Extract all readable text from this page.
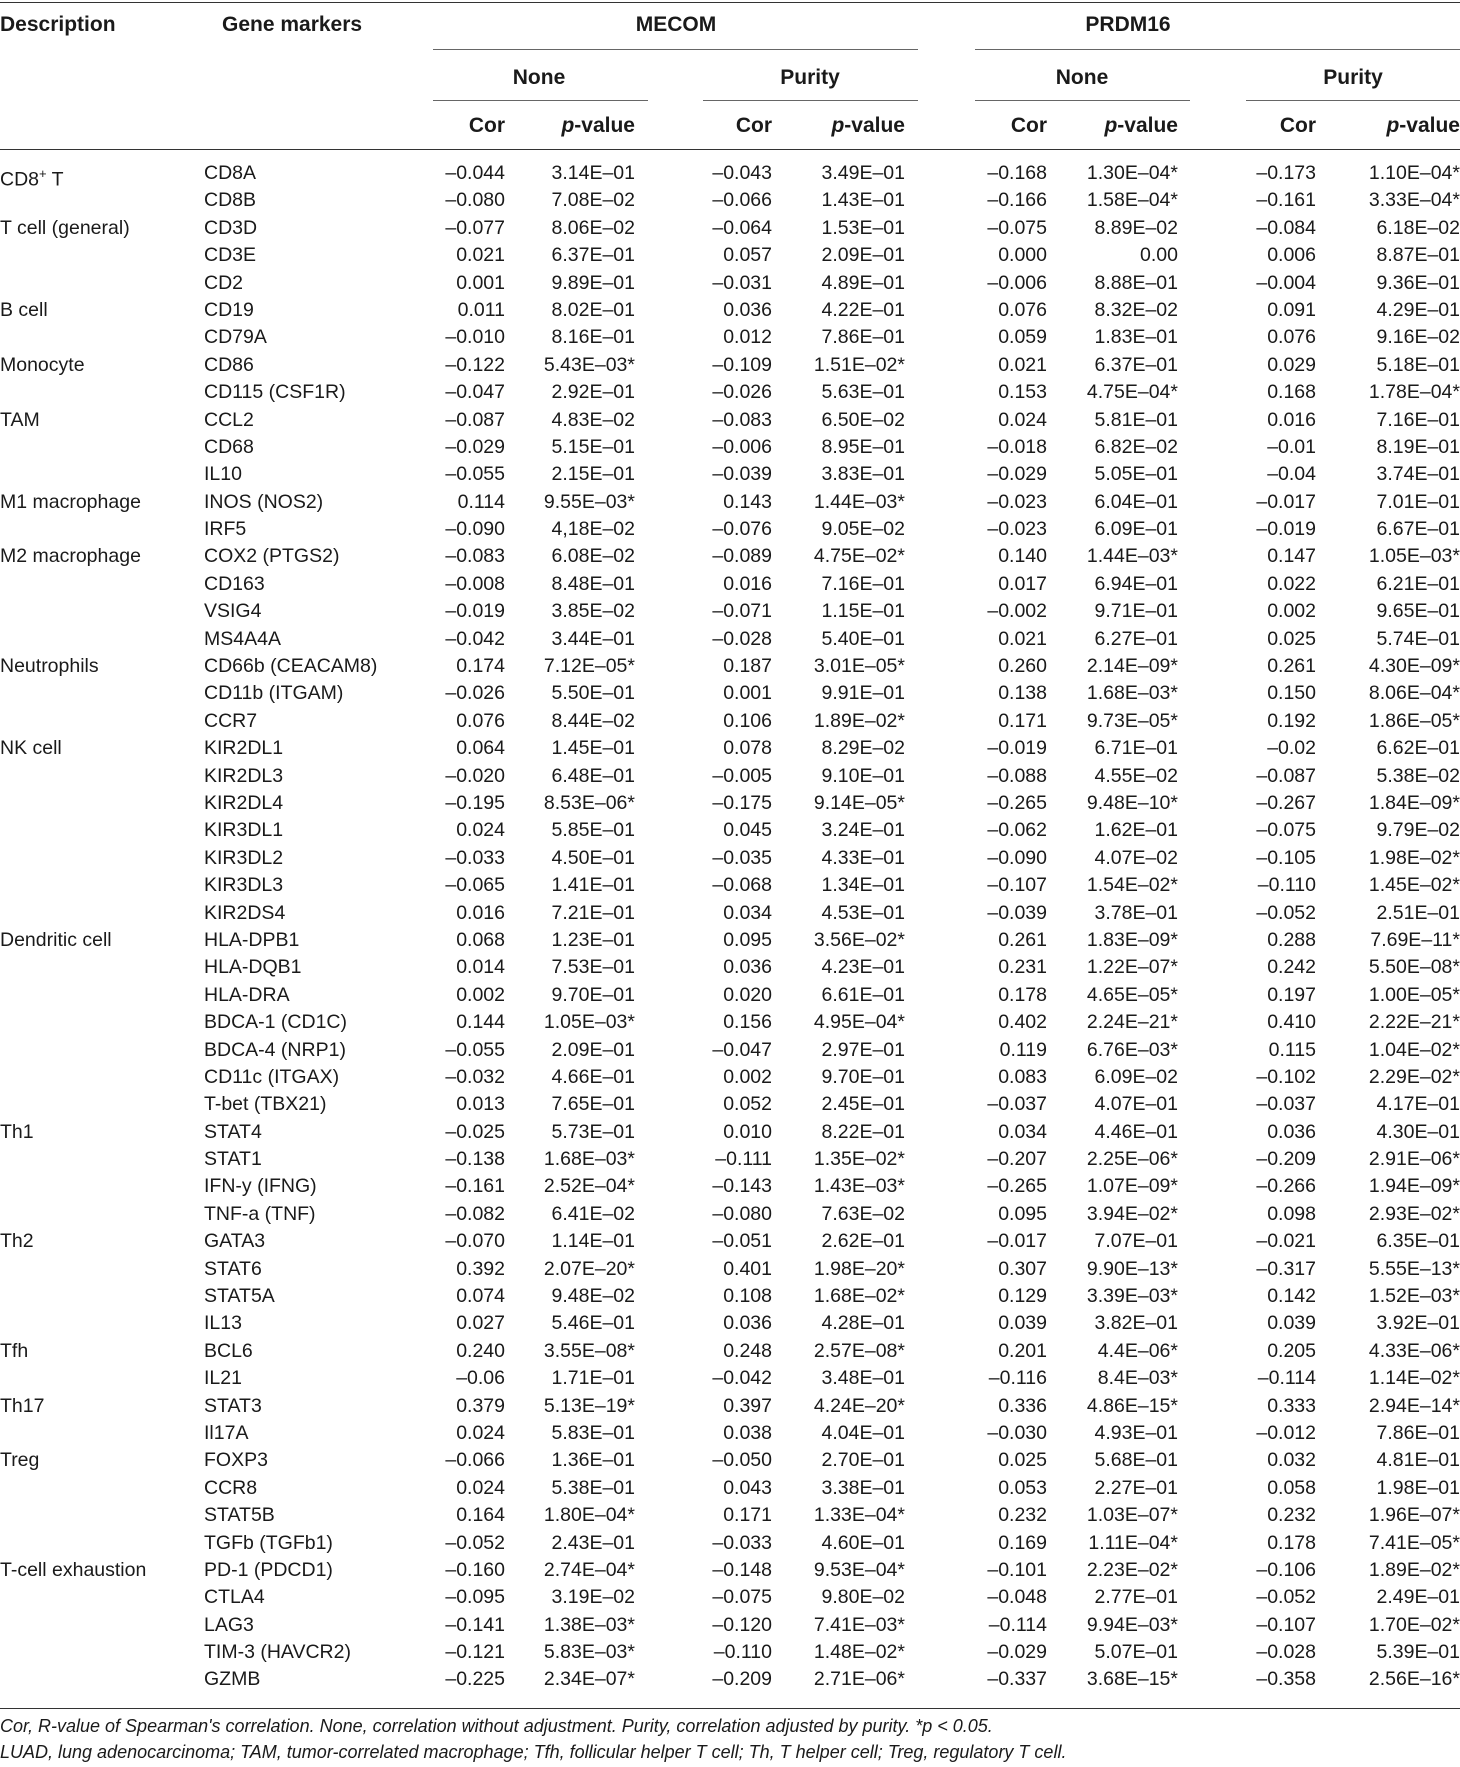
Description	Gene markers	MECOM	PRDM16
None	Purity	None	Purity
Cor	p-value	Cor	p-value	Cor	p-value	Cor	p-value
CD8+ T	CD8A	–0.044 3.14E–01	–0.043	3.49E–01	–0.168 1.30E–04*	–0.173	1.10E–04*
CD8B	–0.080 7.08E–02	–0.066	1.43E–01	–0.166 1.58E–04*	–0.161	3.33E–04*
T cell (general)	CD3D	–0.077 8.06E–02	–0.064	1.53E–01	–0.075 8.89E–02	–0.084	6.18E–02
CD3E	0.021 6.37E–01	0.057	2.09E–01	0.000	0.00	0.006	8.87E–01
CD2	0.001 9.89E–01	–0.031	4.89E–01	–0.006 8.88E–01	–0.004	9.36E–01
B cell	CD19	0.011 8.02E–01	0.036	4.22E–01	0.076 8.32E–02	0.091	4.29E–01
CD79A	–0.010 8.16E–01	0.012	7.86E–01	0.059 1.83E–01	0.076	9.16E–02
Monocyte	CD86	–0.122 5.43E–03*	–0.109 1.51E–02*	0.021 6.37E–01	0.029	5.18E–01
CD115 (CSF1R)	–0.047 2.92E–01	–0.026	5.63E–01	0.153 4.75E–04*	0.168	1.78E–04*
TAM	CCL2	–0.087 4.83E–02	–0.083	6.50E–02	0.024 5.81E–01	0.016	7.16E–01
CD68	–0.029 5.15E–01	–0.006	8.95E–01	–0.018 6.82E–02	–0.01	8.19E–01
IL10	–0.055 2.15E–01	–0.039	3.83E–01	–0.029 5.05E–01	–0.04	3.74E–01
M1 macrophage	INOS (NOS2)	0.114 9.55E–03*	0.143 1.44E–03*	–0.023 6.04E–01	–0.017	7.01E–01
IRF5	–0.090 4,18E–02	–0.076	9.05E–02	–0.023 6.09E–01	–0.019	6.67E–01
M2 macrophage	COX2 (PTGS2)	–0.083 6.08E–02	–0.089 4.75E–02*	0.140 1.44E–03*	0.147	1.05E–03*
CD163	–0.008 8.48E–01	0.016	7.16E–01	0.017 6.94E–01	0.022	6.21E–01
VSIG4	–0.019 3.85E–02	–0.071	1.15E–01	–0.002 9.71E–01	0.002	9.65E–01
MS4A4A	–0.042 3.44E–01	–0.028	5.40E–01	0.021 6.27E–01	0.025	5.74E–01
Neutrophils	CD66b (CEACAM8)	0.174 7.12E–05*	0.187 3.01E–05*	0.260 2.14E–09*	0.261	4.30E–09*
CD11b (ITGAM)	–0.026 5.50E–01	0.001	9.91E–01	0.138 1.68E–03*	0.150	8.06E–04*
CCR7	0.076 8.44E–02	0.106 1.89E–02*	0.171 9.73E–05*	0.192	1.86E–05*
NK cell	KIR2DL1	0.064 1.45E–01	0.078	8.29E–02	–0.019 6.71E–01	–0.02	6.62E–01
KIR2DL3	–0.020 6.48E–01	–0.005	9.10E–01	–0.088 4.55E–02	–0.087	5.38E–02
KIR2DL4	–0.195 8.53E–06*	–0.175 9.14E–05*	–0.265 9.48E–10*	–0.267	1.84E–09*
KIR3DL1	0.024 5.85E–01	0.045	3.24E–01	–0.062 1.62E–01	–0.075	9.79E–02
KIR3DL2	–0.033 4.50E–01	–0.035	4.33E–01	–0.090 4.07E–02	–0.105	1.98E–02*
KIR3DL3	–0.065 1.41E–01	–0.068	1.34E–01	–0.107 1.54E–02*	–0.110	1.45E–02*
KIR2DS4	0.016 7.21E–01	0.034	4.53E–01	–0.039 3.78E–01	–0.052	2.51E–01
Dendritic cell	HLA-DPB1	0.068 1.23E–01	0.095 3.56E–02*	0.261 1.83E–09*	0.288	7.69E–11*
HLA-DQB1	0.014 7.53E–01	0.036	4.23E–01	0.231 1.22E–07*	0.242	5.50E–08*
HLA-DRA	0.002 9.70E–01	0.020	6.61E–01	0.178 4.65E–05*	0.197	1.00E–05*
BDCA-1 (CD1C)	0.144 1.05E–03*	0.156 4.95E–04*	0.402 2.24E–21*	0.410	2.22E–21*
BDCA-4 (NRP1)	–0.055 2.09E–01	–0.047	2.97E–01	0.119 6.76E–03*	0.115	1.04E–02*
CD11c (ITGAX)	–0.032 4.66E–01	0.002	9.70E–01	0.083 6.09E–02	–0.102	2.29E–02*
T-bet (TBX21)	0.013 7.65E–01	0.052	2.45E–01	–0.037 4.07E–01	–0.037	4.17E–01
Th1	STAT4	–0.025 5.73E–01	0.010	8.22E–01	0.034 4.46E–01	0.036	4.30E–01
STAT1	–0.138 1.68E–03*	–0.111 1.35E–02*	–0.207 2.25E–06*	–0.209	2.91E–06*
IFN-y (IFNG)	–0.161 2.52E–04*	–0.143 1.43E–03*	–0.265 1.07E–09*	–0.266	1.94E–09*
TNF-a (TNF)	–0.082 6.41E–02	–0.080	7.63E–02	0.095 3.94E–02*	0.098	2.93E–02*
Th2	GATA3	–0.070 1.14E–01	–0.051	2.62E–01	–0.017 7.07E–01	–0.021	6.35E–01
STAT6	0.392 2.07E–20*	0.401 1.98E–20*	0.307 9.90E–13*	–0.317	5.55E–13*
STAT5A	0.074 9.48E–02	0.108 1.68E–02*	0.129 3.39E–03*	0.142	1.52E–03*
IL13	0.027 5.46E–01	0.036	4.28E–01	0.039 3.82E–01	0.039	3.92E–01
Tfh	BCL6	0.240 3.55E–08*	0.248 2.57E–08*	0.201	4.4E–06*	0.205	4.33E–06*
IL21	–0.06 1.71E–01	–0.042	3.48E–01	–0.116	8.4E–03*	–0.114	1.14E–02*
Th17	STAT3	0.379 5.13E–19*	0.397 4.24E–20*	0.336 4.86E–15*	0.333	2.94E–14*
Il17A	0.024 5.83E–01	0.038	4.04E–01	–0.030 4.93E–01	–0.012	7.86E–01
Treg	FOXP3	–0.066 1.36E–01	–0.050	2.70E–01	0.025 5.68E–01	0.032	4.81E–01
CCR8	0.024 5.38E–01	0.043	3.38E–01	0.053 2.27E–01	0.058	1.98E–01
STAT5B	0.164 1.80E–04*	0.171 1.33E–04*	0.232 1.03E–07*	0.232	1.96E–07*
TGFb (TGFb1)	–0.052 2.43E–01	–0.033	4.60E–01	0.169 1.11E–04*	0.178	7.41E–05*
T-cell exhaustion	PD-1 (PDCD1)	–0.160 2.74E–04*	–0.148 9.53E–04*	–0.101 2.23E–02*	–0.106	1.89E–02*
CTLA4	–0.095 3.19E–02	–0.075	9.80E–02	–0.048 2.77E–01	–0.052	2.49E–01
LAG3	–0.141 1.38E–03*	–0.120 7.41E–03*	–0.114 9.94E–03*	–0.107	1.70E–02*
TIM-3 (HAVCR2)	–0.121 5.83E–03*	–0.110 1.48E–02*	–0.029 5.07E–01	–0.028	5.39E–01
GZMB	–0.225 2.34E–07*	–0.209 2.71E–06*	–0.337 3.68E–15*	–0.358	2.56E–16*
Cor, R-value of Spearman's correlation. None, correlation without adjustment. Purity, correlation adjusted by purity. *p < 0.05.
LUAD, lung adenocarcinoma; TAM, tumor-correlated macrophage; Tfh, follicular helper T cell; Th, T helper cell; Treg, regulatory T cell.
